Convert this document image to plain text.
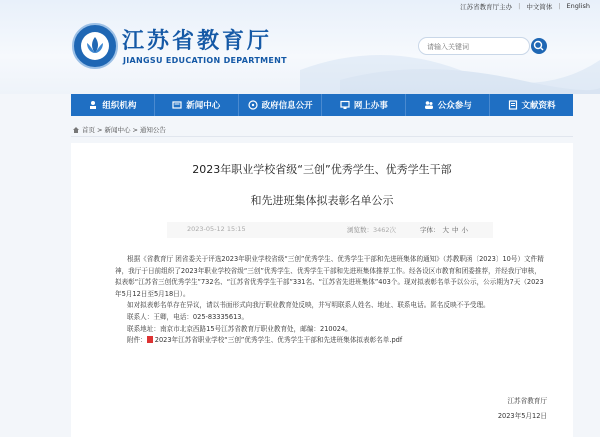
江苏省教育厅主办 | 中文简体 | English
江苏省教育厅
JIANGSU EDUCATION DEPARTMENT
请输入关键词
组织机构	新闻中心	政府信息公开	网上办事	公众参与	文献资料
首页 > 新闻中心 > 通知公告
2023年职业学校省级“三创”优秀学生、优秀学生干部
和先进班集体拟表彰名单公示
2023-05-12 15:15	浏览数：3462次	字体： 大 中 小

根据《省教育厅 团省委关于评选2023年职业学校省级“三创”优秀学生、优秀学生干部和先进班集体的通知》（苏教职函〔2023〕10号）文件精神，我厅于日前组织了2023年职业学校省级“三创”优秀学生、优秀学生干部和先进班集体推荐工作。经各设区市教育和团委推荐，并经我厅审核，拟表彰“江苏省三创优秀学生”732名、“江苏省优秀学生干部”331名、“江苏省先进班集体”403个。现对拟表彰名单予以公示，公示期为7天（2023年5月12日至5月18日）。

如对拟表彰名单存在异议，请以书面形式向我厅职业教育处反映，并写明联系人姓名、地址、联系电话。匿名反映不予受理。

联系人：王卿，电话：025-83335613。

联系地址：南京市北京西路15号江苏省教育厅职业教育处，邮编：210024。

附件： 2023年江苏省职业学校“三创”优秀学生、优秀学生干部和先进班集体拟表彰名单.pdf

江苏省教育厅
2023年5月12日
